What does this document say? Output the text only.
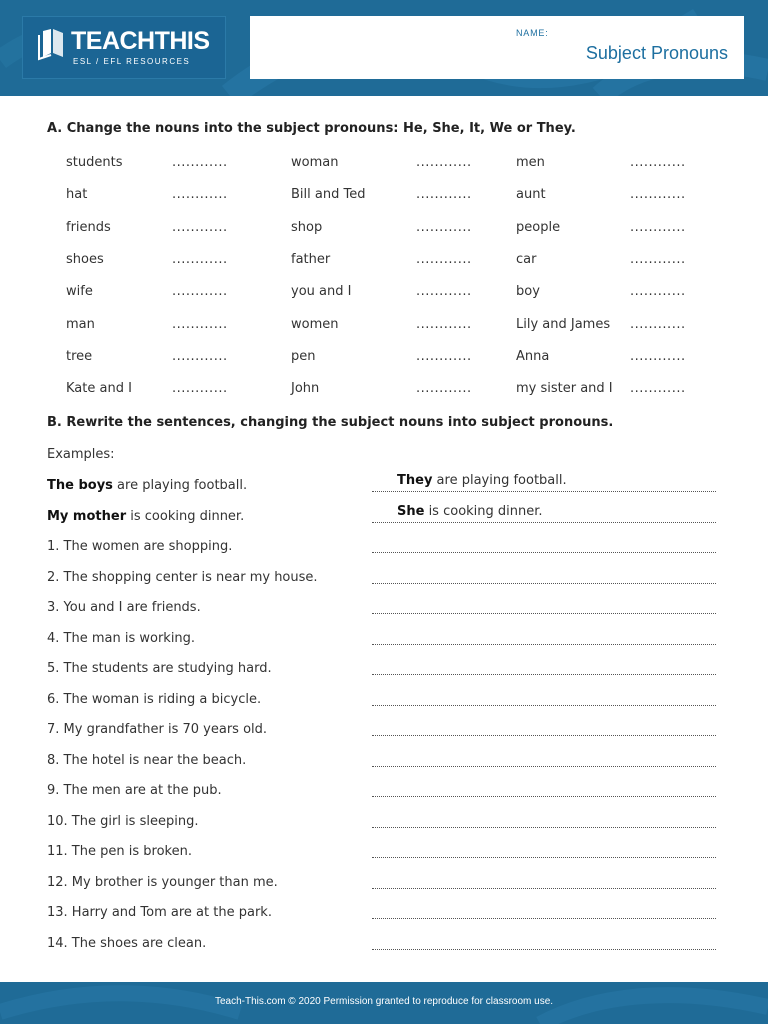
TEACHTHIS
ESL / EFL RESOURCES
NAME:
Subject Pronouns
A. Change the nouns into the subject pronouns: He, She, It, We or They.
students	............	woman	............	men	............
hat	............	Bill and Ted	............	aunt	............
friends	............	shop	............	people	............
shoes	............	father	............	car	............
wife	............	you and I	............	boy	............
man	............	women	............	Lily and James ............
tree	............	pen	............	Anna	............
Kate and I	............	John	............	my sister and I ............
B. Rewrite the sentences, changing the subject nouns into subject pronouns.
Examples:
The boys are playing football.	They are playing football.
My mother is cooking dinner.	She is cooking dinner.
1. The women are shopping.
2. The shopping center is near my house.
3. You and I are friends.
4. The man is working.
5. The students are studying hard.
6. The woman is riding a bicycle.
7. My grandfather is 70 years old.
8. The hotel is near the beach.
9. The men are at the pub.
10. The girl is sleeping.
11. The pen is broken.
12. My brother is younger than me.
13. Harry and Tom are at the park.
14. The shoes are clean.
Teach-This.com © 2020 Permission granted to reproduce for classroom use.
